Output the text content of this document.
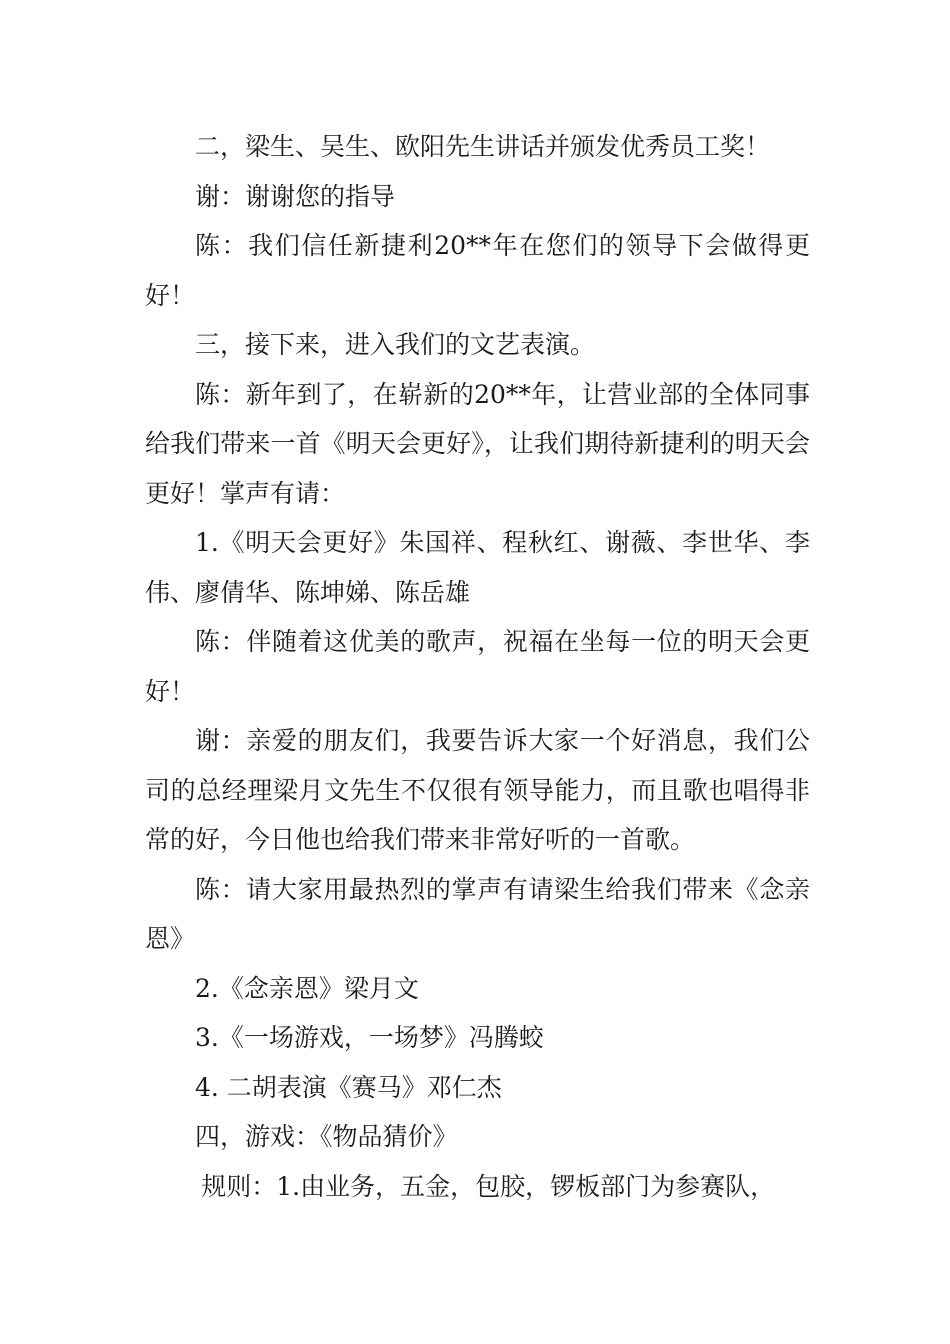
二，梁生、吴生、欧阳先生讲话并颁发优秀员工奖！

谢：谢谢您的指导

陈：我们信任新捷利20**年在您们的领导下会做得更好！

三，接下来，进入我们的文艺表演。

陈：新年到了，在崭新的20**年，让营业部的全体同事给我们带来一首《明天会更好》，让我们期待新捷利的明天会更好！掌声有请：

1.《明天会更好》朱国祥、程秋红、谢薇、李世华、李伟、廖倩华、陈坤娣、陈岳雄

陈：伴随着这优美的歌声，祝福在坐每一位的明天会更好！

谢：亲爱的朋友们，我要告诉大家一个好消息，我们公司的总经理梁月文先生不仅很有领导能力，而且歌也唱得非常的好，今日他也给我们带来非常好听的一首歌。

陈：请大家用最热烈的掌声有请梁生给我们带来《念亲恩》

2.《念亲恩》梁月文

3.《一场游戏，一场梦》冯腾蛟

4. 二胡表演《赛马》邓仁杰

四，游戏：《物品猜价》

规则：1.由业务，五金，包胶，锣板部门为参赛队，
